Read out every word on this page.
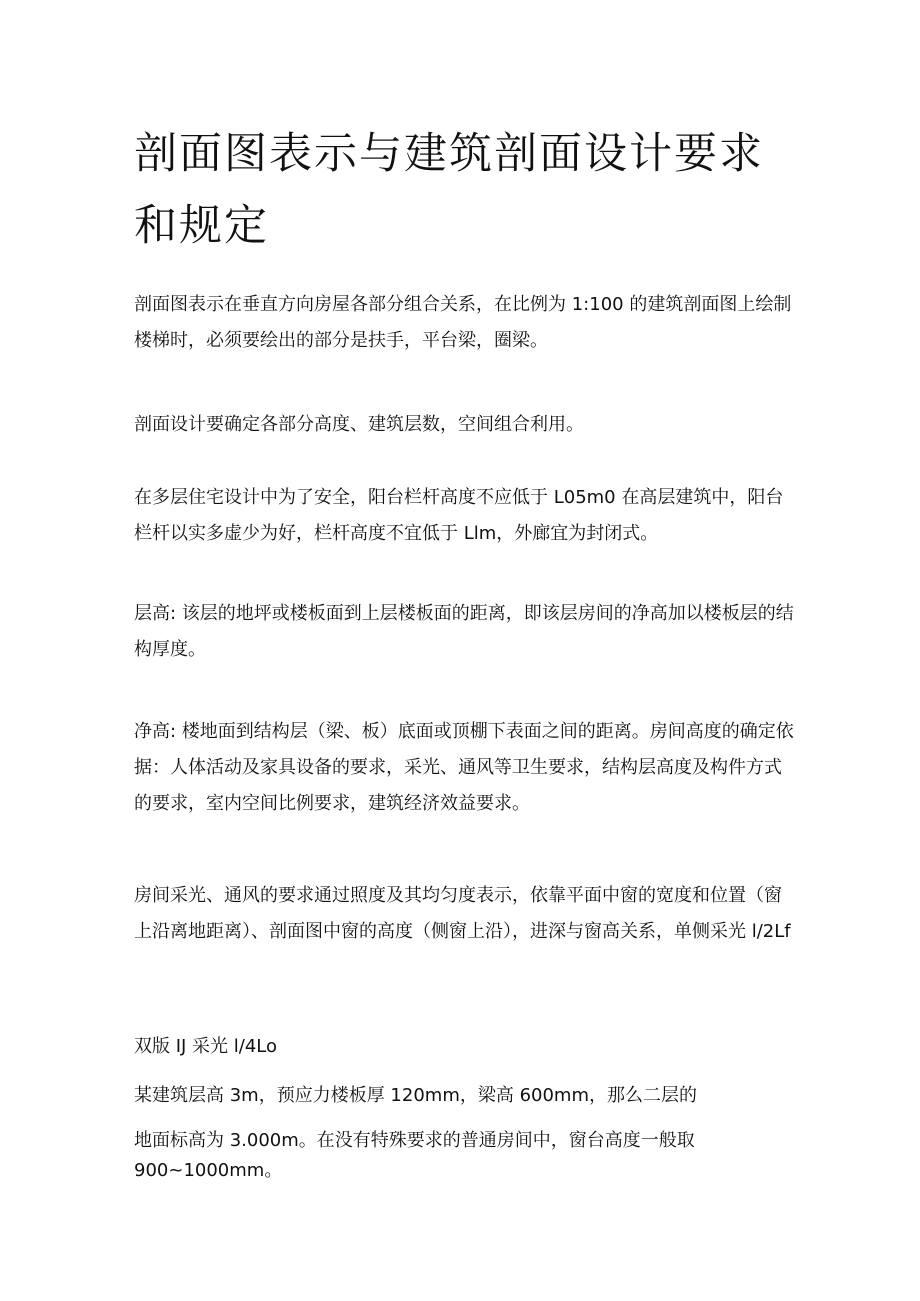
剖面图表示与建筑剖面设计要求和规定

剖面图表示在垂直方向房屋各部分组合关系，在比例为 1:100 的建筑剖面图上绘制楼梯时，必须要绘出的部分是扶手，平台梁，圈梁。

剖面设计要确定各部分高度、建筑层数，空间组合利用。

在多层住宅设计中为了安全，阳台栏杆高度不应低于 L05m0 在高层建筑中，阳台栏杆以实多虚少为好，栏杆高度不宜低于 Llm，外廊宜为封闭式。

层高: 该层的地坪或楼板面到上层楼板面的距离，即该层房间的净高加以楼板层的结构厚度。

净高: 楼地面到结构层（梁、板）底面或顶棚下表面之间的距离。房间高度的确定依据：人体活动及家具设备的要求，采光、通风等卫生要求，结构层高度及构件方式的要求，室内空间比例要求，建筑经济效益要求。

房间采光、通风的要求通过照度及其均匀度表示，依靠平面中窗的宽度和位置（窗上沿离地距离）、剖面图中窗的高度（侧窗上沿），进深与窗高关系，单侧采光 l/2Lf

双版 IJ 采光 l/4Lo

某建筑层高 3m，预应力楼板厚 120mm，梁高 600mm，那么二层的

地面标高为 3.000m。在没有特殊要求的普通房间中，窗台高度一般取 900~1000mm。
